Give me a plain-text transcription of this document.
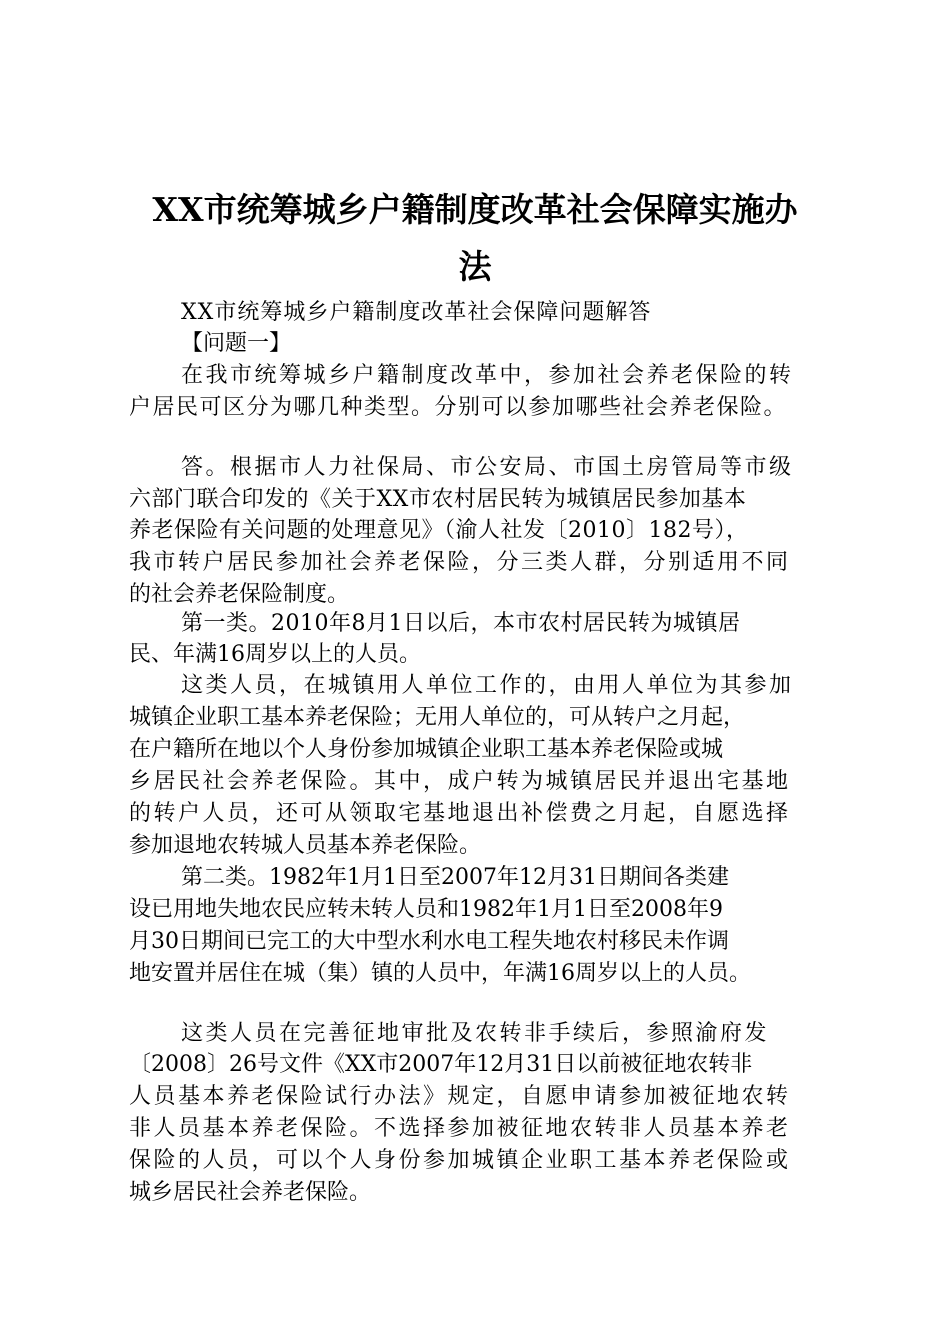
XX市统筹城乡户籍制度改革社会保障实施办
法
XX市统筹城乡户籍制度改革社会保障问题解答
【问题一】
在我市统筹城乡户籍制度改革中，参加社会养老保险的转
户居民可区分为哪几种类型。分别可以参加哪些社会养老保险。
答。根据市人力社保局、市公安局、市国土房管局等市级
六部门联合印发的《关于XX市农村居民转为城镇居民参加基本
养老保险有关问题的处理意见》（渝人社发〔2010〕182号），
我市转户居民参加社会养老保险，分三类人群，分别适用不同
的社会养老保险制度。
第一类。2010年8月1日以后，本市农村居民转为城镇居
民、年满16周岁以上的人员。
这类人员，在城镇用人单位工作的，由用人单位为其参加
城镇企业职工基本养老保险；无用人单位的，可从转户之月起，
在户籍所在地以个人身份参加城镇企业职工基本养老保险或城
乡居民社会养老保险。其中，成户转为城镇居民并退出宅基地
的转户人员，还可从领取宅基地退出补偿费之月起，自愿选择
参加退地农转城人员基本养老保险。
第二类。1982年1月1日至2007年12月31日期间各类建
设已用地失地农民应转未转人员和1982年1月1日至2008年9
月30日期间已完工的大中型水利水电工程失地农村移民未作调
地安置并居住在城（集）镇的人员中，年满16周岁以上的人员。
这类人员在完善征地审批及农转非手续后，参照渝府发
〔2008〕26号文件《XX市2007年12月31日以前被征地农转非
人员基本养老保险试行办法》规定，自愿申请参加被征地农转
非人员基本养老保险。不选择参加被征地农转非人员基本养老
保险的人员，可以个人身份参加城镇企业职工基本养老保险或
城乡居民社会养老保险。
